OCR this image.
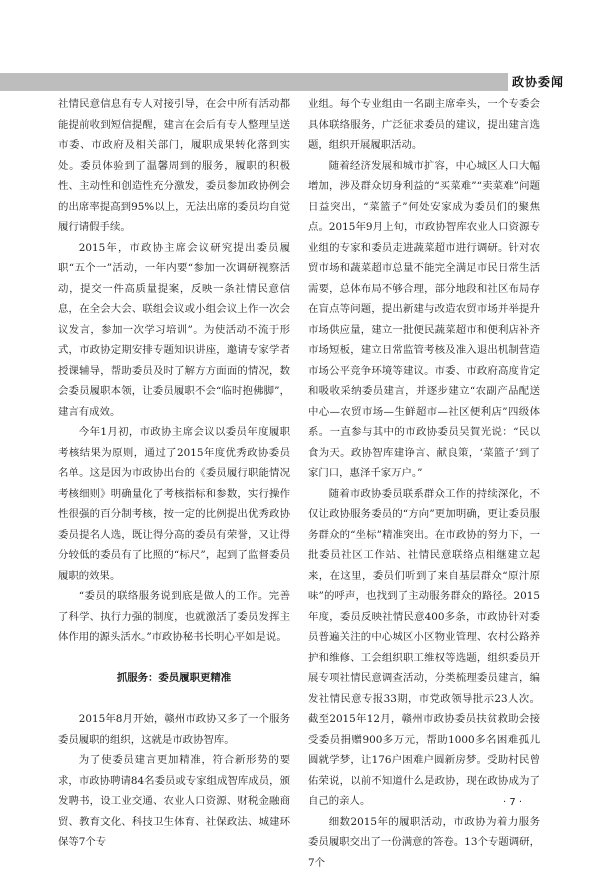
政协委闻

社情民意信息有专人对接引导，在会中所有活动都能提前收到短信提醒，建言在会后有专人整理呈送市委、市政府及相关部门，履职成果转化落到实处。委员体验到了温馨周到的服务，履职的积极性、主动性和创造性充分激发，委员参加政协例会的出席率提高到95%以上，无法出席的委员均自觉履行请假手续。

2015年，市政协主席会议研究提出委员履职“五个一”活动，一年内要“参加一次调研视察活动，提交一件高质量提案，反映一条社情民意信息，在全会大会、联组会议或小组会议上作一次会议发言，参加一次学习培训”。为使活动不流于形式，市政协定期安排专题知识讲座，邀请专家学者授课辅导，帮助委员及时了解方方面面的情况，数会委员履职本领，让委员履职不会“临时抱佛脚”，建言有成效。

今年1月初，市政协主席会议以委员年度履职考核结果为原则，通过了2015年度优秀政协委员名单。这是因为市政协出台的《委员履行职能情况考核细则》明确量化了考核指标和参数，实行操作性很强的百分制考核，按一定的比例提出优秀政协委员提名人选，既让得分高的委员有荣誉，又让得分较低的委员有了比照的“标尺”，起到了监督委员履职的效果。

“委员的联络服务说到底是做人的工作。完善了科学、执行力强的制度，也就激活了委员发挥主体作用的源头活水。”市政协秘书长明心平如是说。

抓服务：委员履职更精准

2015年8月开始，赣州市政协又多了一个服务委员履职的组织，这就是市政协智库。

为了使委员建言更加精准，符合新形势的要求，市政协聘请84名委员或专家组成智库成员，颁发聘书，设工业交通、农业人口资源、财税金融商贸、教育文化、科技卫生体育、社保政法、城建环保等7个专

业组。每个专业组由一名副主席牵头，一个专委会具体联络服务，广泛征求委员的建议，提出建言选题，组织开展履职活动。

随着经济发展和城市扩容，中心城区人口大幅增加，涉及群众切身利益的“买菜难”“卖菜难”问题日益突出，“菜篮子”何处安家成为委员们的聚焦点。2015年9月上旬，市政协智库农业人口资源专业组的专家和委员走进蔬菜超市进行调研。针对农贸市场和蔬菜超市总量不能完全满足市民日常生活需要，总体布局不够合理，部分地段和社区布局存在盲点等问题，提出新建与改造农贸市场并举提升市场供应量，建立一批便民蔬菜超市和便利店补齐市场短板，建立日常监管考核及准入退出机制营造市场公平竞争环境等建议。市委、市政府高度肯定和吸收采纳委员建言，并逐步建立“农副产品配送中心—农贸市场—生鲜超市—社区便利店”四级体系。一直参与其中的市政协委员吴賀光说：“民以食为天。政协智库建诤言、献良策，‘菜篮子’到了家门口，惠泽千家万户。”

随着市政协委员联系群众工作的持续深化，不仅让政协服务委员的“方向”更加明确，更让委员服务群众的“坐标”精准突出。在市政协的努力下，一批委员社区工作站、社情民意联络点相继建立起来，在这里，委员们听到了来自基层群众“原汁原味”的呼声，也找到了主动服务群众的路径。2015年度，委员反映社情民意400多条，市政协针对委员普遍关注的中心城区小区物业管理、农村公路养护和维修、工会组织职工维权等选题，组织委员开展专项社情民意调查活动，分类梳理委员建言，编发社情民意专报33期，市党政领导批示23人次。截至2015年12月，赣州市政协委员扶贫救助会接受委员捐赠900多万元，帮助1000多名困难孤儿圆就学梦，让176户困难户圆新房梦。受助村民曾佑荣说，以前不知道什么是政协，现在政协成为了自己的亲人。

细数2015年的履职活动，市政协为着力服务委员履职交出了一份满意的答卷。13个专题调研，7个

· 7 ·
